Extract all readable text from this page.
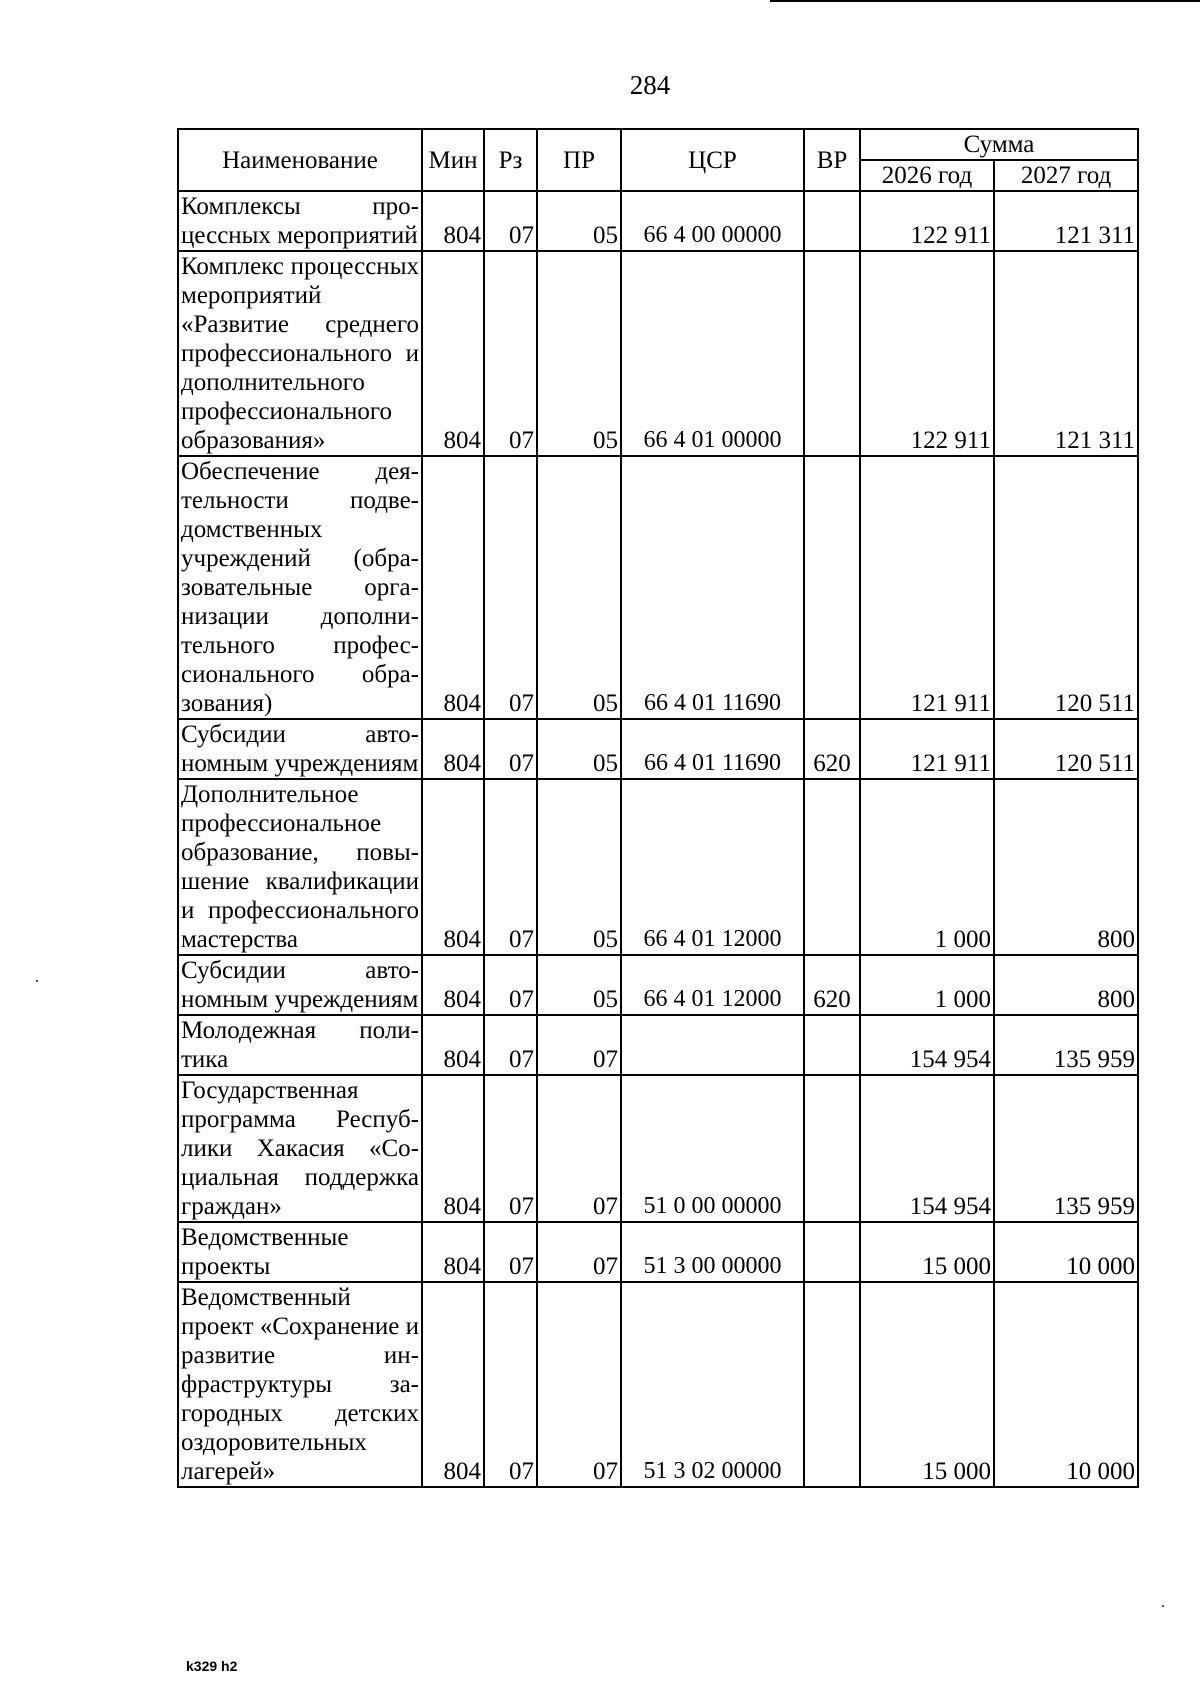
284
Наименование	Мин	Рз	ПР	ЦСР	ВР	Сумма	
						2026 год	2027 год
Комплексы процессных мероприятий	804	07	05	66 4 00 00000		122 911	121 311
Комплекс процессных мероприятий «Развитие среднего профессионального и дополнительного профессионального образования»	804	07	05	66 4 01 00000		122 911	121 311
Обеспечение деятельности подведомственных учреждений (образовательные организации дополнительного профессионального образования)	804	07	05	66 4 01 11690		121 911	120 511
Субсидии автономным учреждениям	804	07	05	66 4 01 11690	620	121 911	120 511
Дополнительное профессиональное образование, повышение квалификации и профессионального мастерства	804	07	05	66 4 01 12000		1 000	800
Субсидии автономным учреждениям	804	07	05	66 4 01 12000	620	1 000	800
Молодежная политика	804	07	07			154 954	135 959
Государственная программа Республики Хакасия «Социальная поддержка граждан»	804	07	07	51 0 00 00000		154 954	135 959
Ведомственные проекты	804	07	07	51 3 00 00000		15 000	10 000
Ведомственный проект «Сохранение и развитие инфраструктуры загородных детских оздоровительных лагерей»	804	07	07	51 3 02 00000		15 000	10 000
k329 h2
